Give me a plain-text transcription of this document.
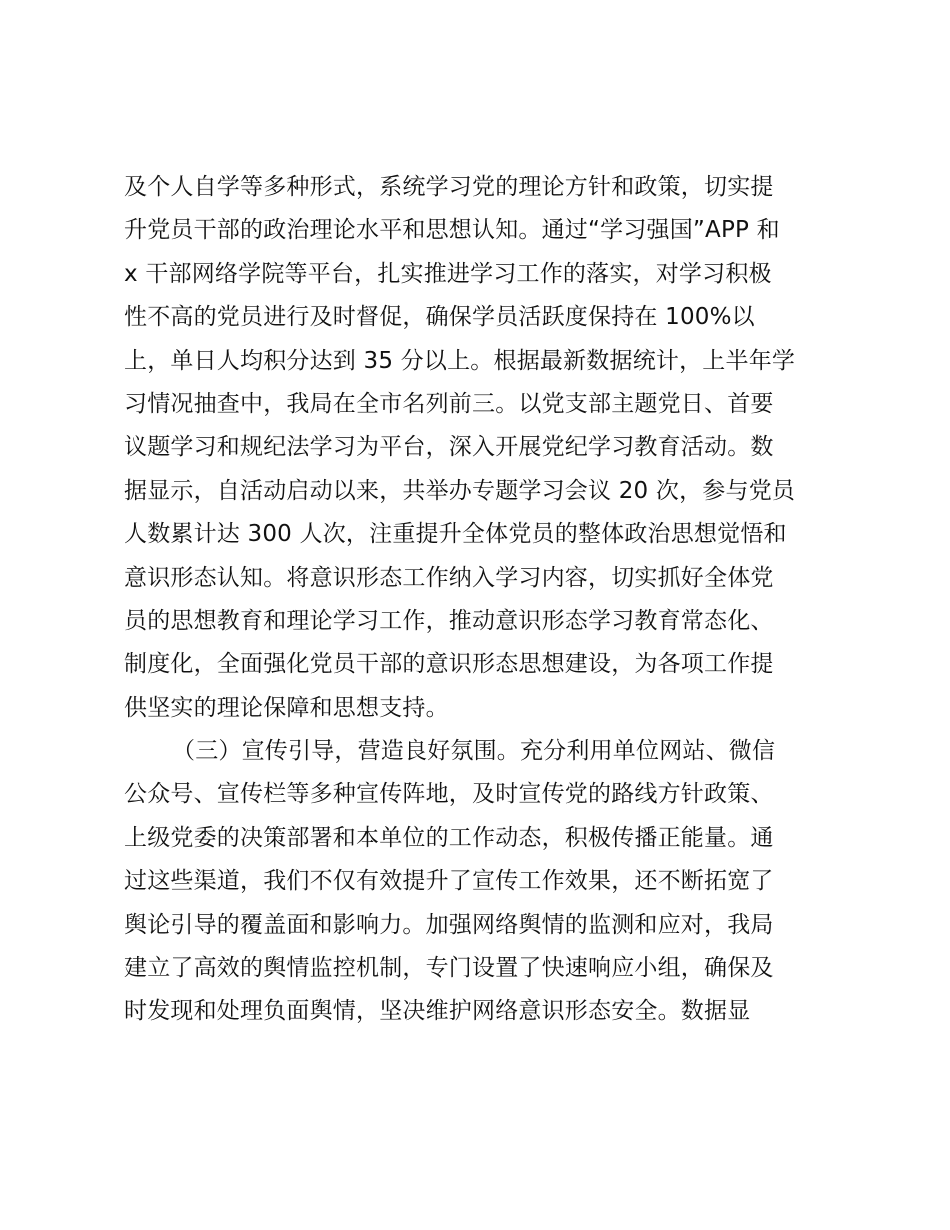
及个人自学等多种形式，系统学习党的理论方针和政策，切实提
升党员干部的政治理论水平和思想认知。通过“学习强国”APP 和
x 干部网络学院等平台，扎实推进学习工作的落实，对学习积极
性不高的党员进行及时督促，确保学员活跃度保持在 100%以
上，单日人均积分达到 35 分以上。根据最新数据统计，上半年学
习情况抽查中，我局在全市名列前三。以党支部主题党日、首要
议题学习和规纪法学习为平台，深入开展党纪学习教育活动。数
据显示，自活动启动以来，共举办专题学习会议 20 次，参与党员
人数累计达 300 人次，注重提升全体党员的整体政治思想觉悟和
意识形态认知。将意识形态工作纳入学习内容，切实抓好全体党
员的思想教育和理论学习工作，推动意识形态学习教育常态化、
制度化，全面强化党员干部的意识形态思想建设，为各项工作提
供坚实的理论保障和思想支持。
（三）宣传引导，营造良好氛围。充分利用单位网站、微信
公众号、宣传栏等多种宣传阵地，及时宣传党的路线方针政策、
上级党委的决策部署和本单位的工作动态，积极传播正能量。通
过这些渠道，我们不仅有效提升了宣传工作效果，还不断拓宽了
舆论引导的覆盖面和影响力。加强网络舆情的监测和应对，我局
建立了高效的舆情监控机制，专门设置了快速响应小组，确保及
时发现和处理负面舆情，坚决维护网络意识形态安全。数据显
